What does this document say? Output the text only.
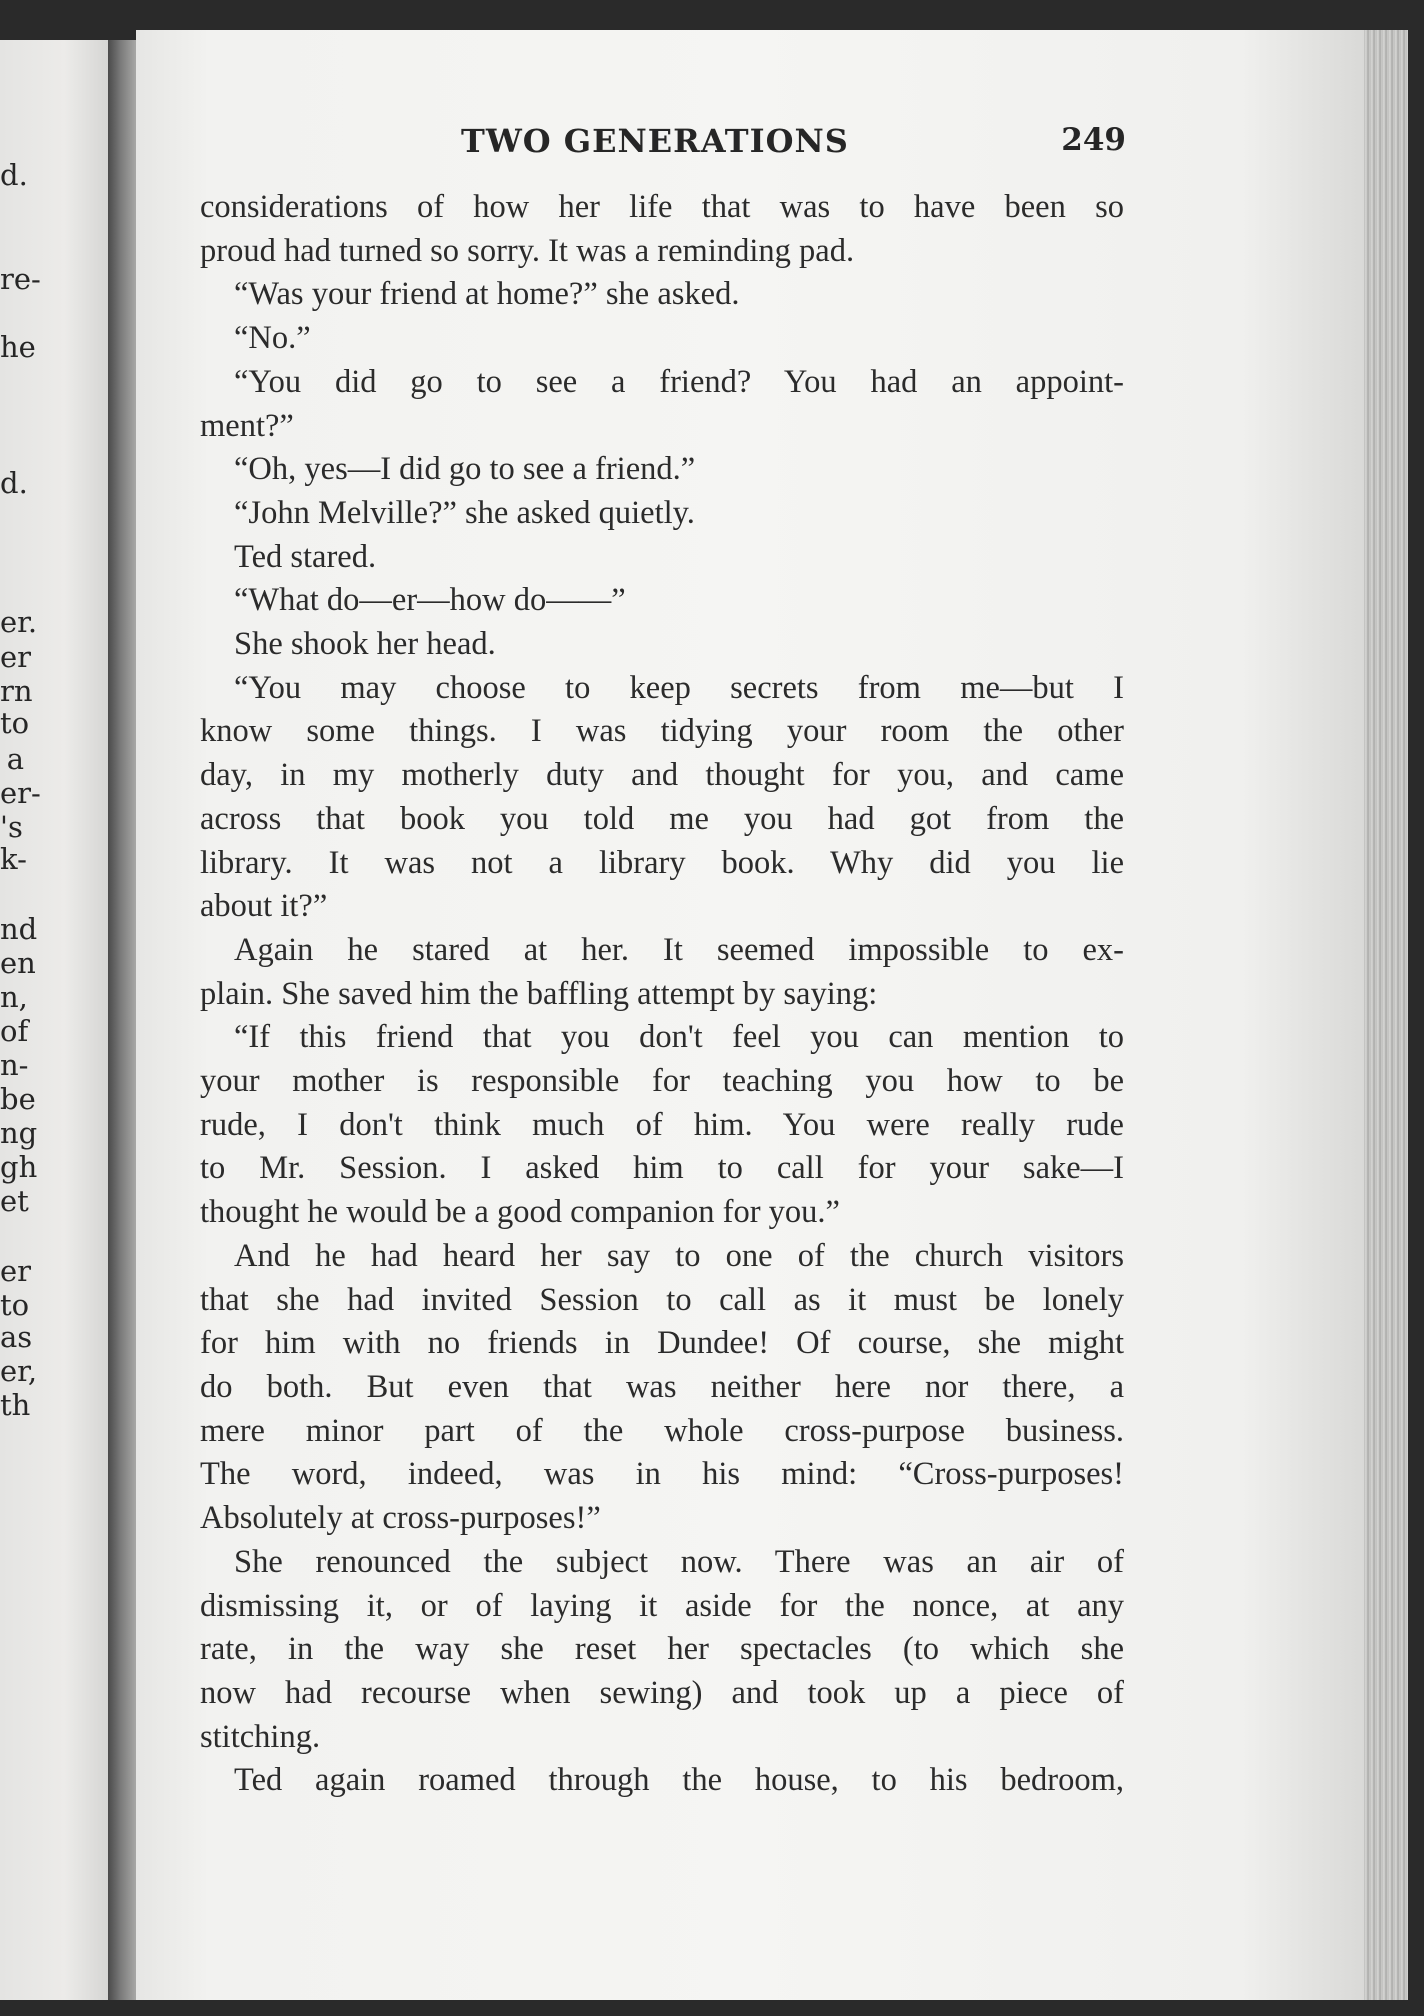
d.
re-
he
d.
er.
er
rn
to
a
er-
's
k-
nd
en
n,
of
n-
be
ng
gh
et
er
to
as
er,
th
TWO GENERATIONS	249
considerations of how her life that was to have been so
proud had turned so sorry. It was a reminding pad.
“Was your friend at home?” she asked.
“No.”
“You did go to see a friend? You had an appoint-
ment?”
“Oh, yes—I did go to see a friend.”
“John Melville?” she asked quietly.
Ted stared.
“What do—er—how do——”
She shook her head.
“You may choose to keep secrets from me—but I
know some things. I was tidying your room the other
day, in my motherly duty and thought for you, and came
across that book you told me you had got from the
library. It was not a library book. Why did you lie
about it?”
Again he stared at her. It seemed impossible to ex-
plain. She saved him the baffling attempt by saying:
“If this friend that you don't feel you can mention to
your mother is responsible for teaching you how to be
rude, I don't think much of him. You were really rude
to Mr. Session. I asked him to call for your sake—I
thought he would be a good companion for you.”
And he had heard her say to one of the church visitors
that she had invited Session to call as it must be lonely
for him with no friends in Dundee! Of course, she might
do both. But even that was neither here nor there, a
mere minor part of the whole cross-purpose business.
The word, indeed, was in his mind: “Cross-purposes!
Absolutely at cross-purposes!”
She renounced the subject now. There was an air of
dismissing it, or of laying it aside for the nonce, at any
rate, in the way she reset her spectacles (to which she
now had recourse when sewing) and took up a piece of
stitching.
Ted again roamed through the house, to his bedroom,
